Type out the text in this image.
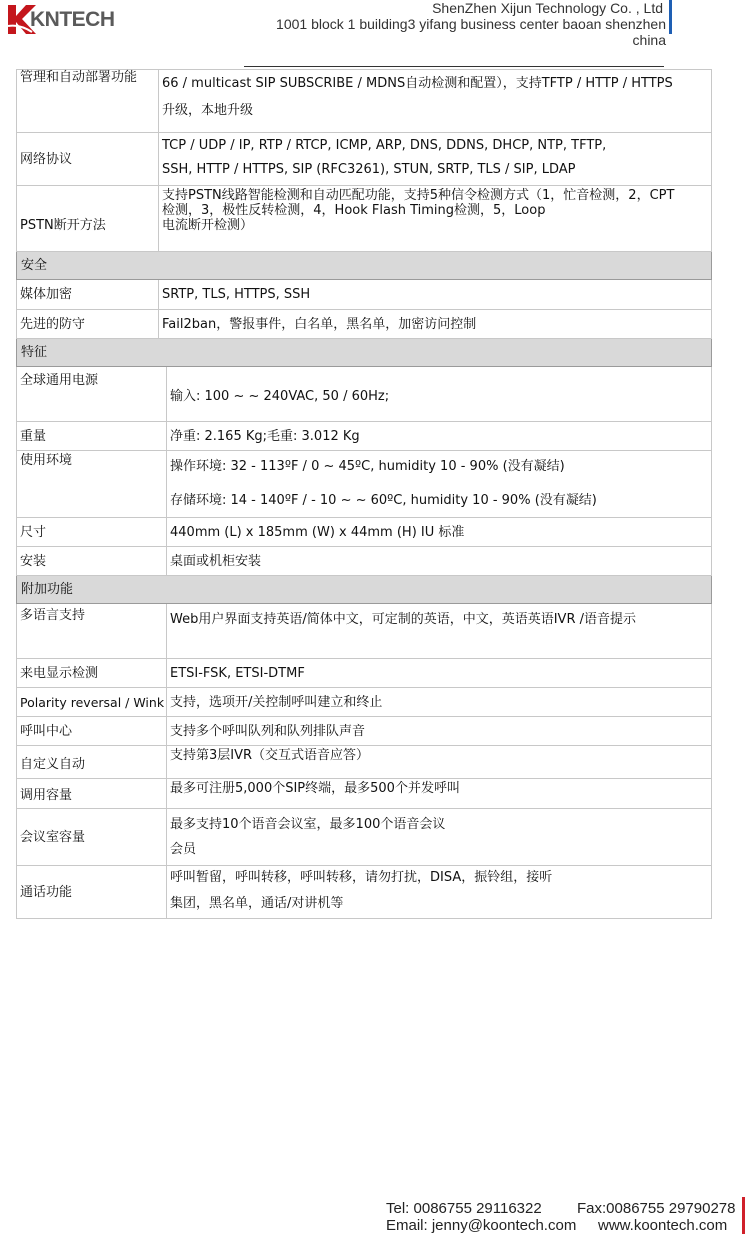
KNTECH	ShenZhen Xijun Technology Co. , Ltd
1001 block 1 building3 yifang business center baoan shenzhen china
管理和自动部署功能	66 / multicast SIP SUBSCRIBE / MDNS自动检测和配置），支持TFTP / HTTP / HTTPS
升级，本地升级	

网络协议	TCP / UDP / IP, RTP / RTCP, ICMP, ARP, DNS, DDNS, DHCP, NTP, TFTP,
SSH, HTTP / HTTPS, SIP (RFC3261), STUN, SRTP, TLS / SIP, LDAP	

PSTN断开方法	支持PSTN线路智能检测和自动匹配功能，支持5种信令检测方式（1，忙音检测，2，CPT
检测，3，极性反转检测，4，Hook Flash Timing检测，5，Loop
电流断开检测）	

安全		
媒体加密	SRTP, TLS, HTTPS, SSH	
先进的防守	Fail2ban，警报事件，白名单，黑名单，加密访问控制	
特征		
全球通用电源		输入: 100 ~ ~ 240VAC, 50 / 60Hz;
重量		净重: 2.165 Kg;毛重: 3.012 Kg
使用环境		操作环境: 32 - 113ºF / 0 ~ 45ºC, humidity 10 - 90% (没有凝结)
存储环境: 14 - 140ºF / - 10 ~ ~ 60ºC, humidity 10 - 90% (没有凝结)

尺寸		440mm (L) x 185mm (W) x 44mm (H) IU 标准
安装		桌面或机柜安装
附加功能		
多语言支持		Web用户界面支持英语/简体中文，可定制的英语，中文，英语英语IVR /语音提示
来电显示检测		ETSI-FSK, ETSI-DTMF
Polarity reversal / Wink		支持，选项开/关控制呼叫建立和终止
呼叫中心		支持多个呼叫队列和队列排队声音
自定义自动		支持第3层IVR（交互式语音应答）
调用容量		最多可注册5,000个SIP终端，最多500个并发呼叫
会议室容量		最多支持10个语音会议室，最多100个语音会议
会员

通话功能		呼叫暂留，呼叫转移，呼叫转移，请勿打扰，DISA，振铃组，接听
集团，黑名单，通话/对讲机等
Tel: 0086755 29116322 Fax:0086755 29790278
Email: jenny@koontech.com www.koontech.com
